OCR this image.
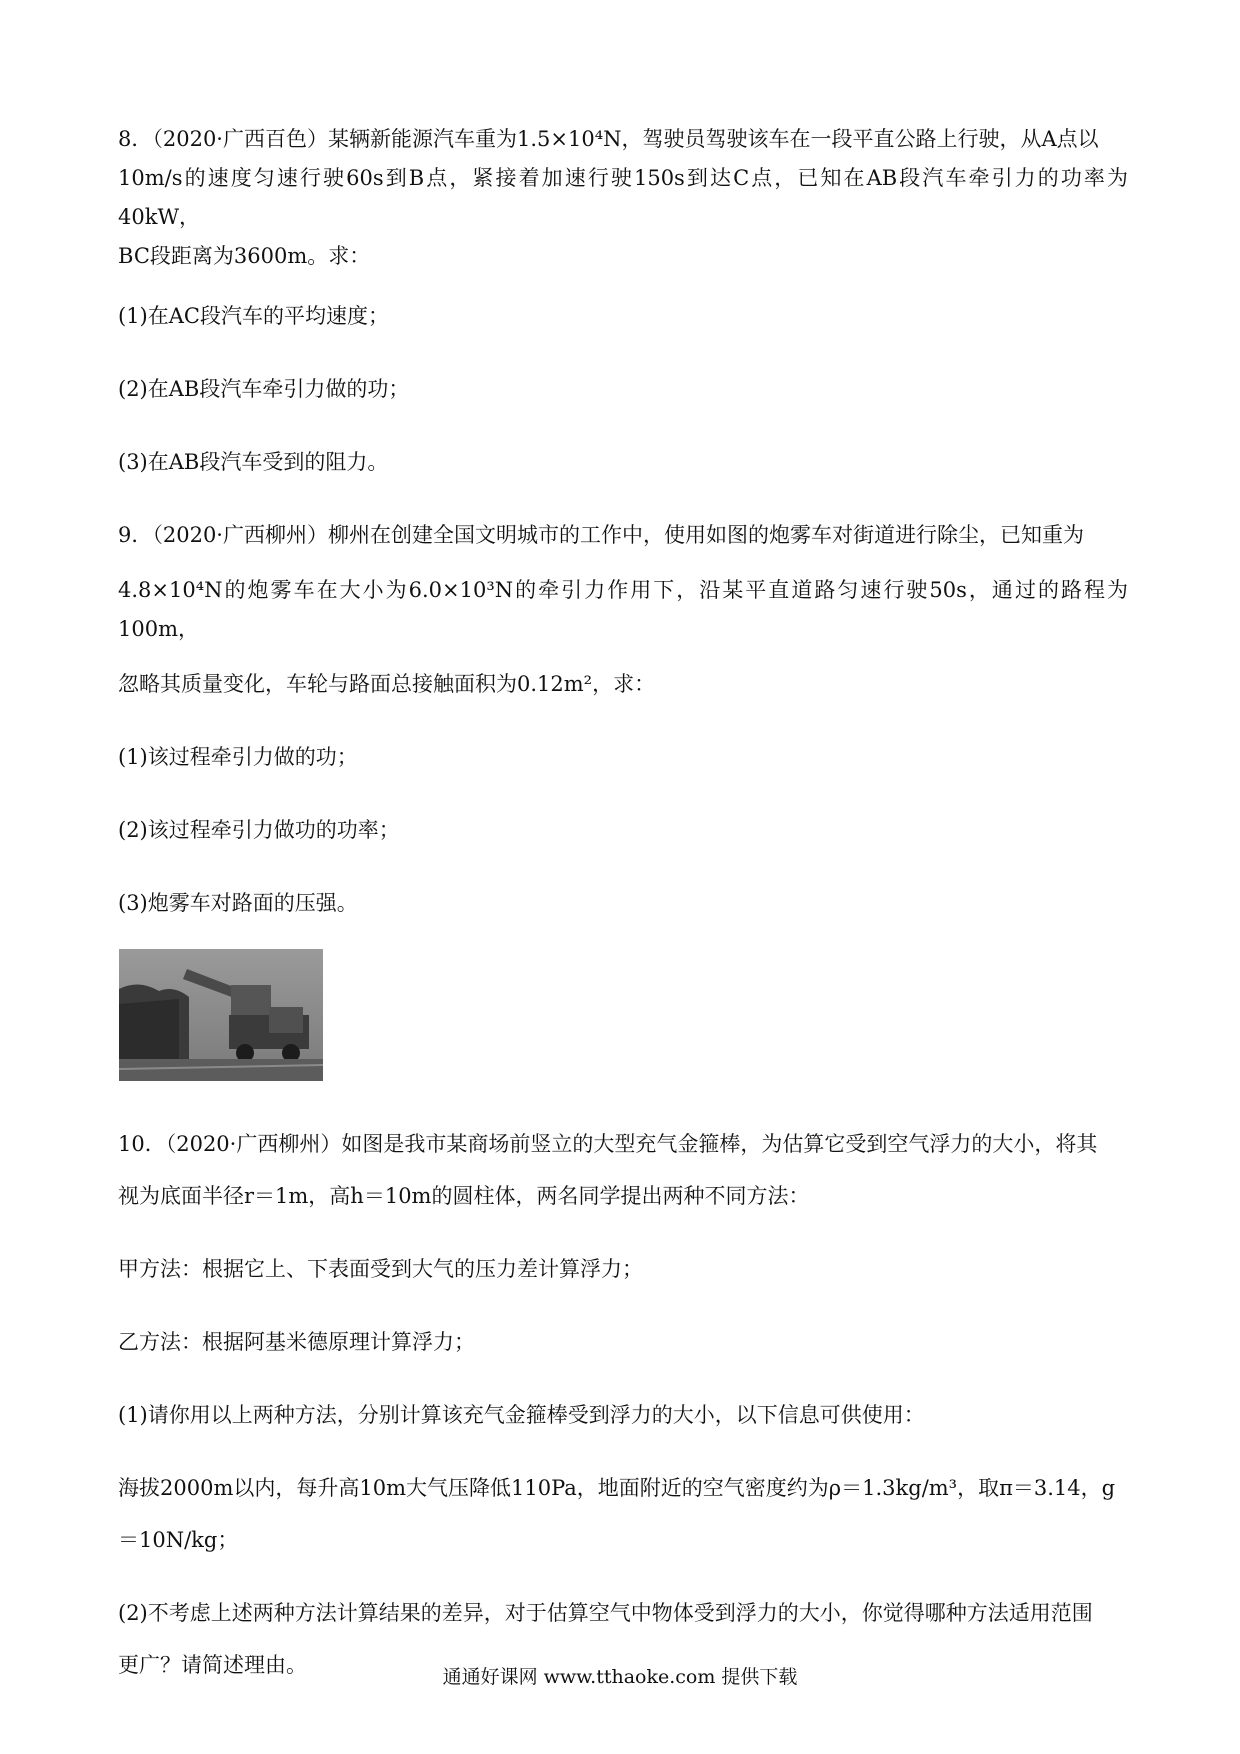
8．（2020·广西百色）某辆新能源汽车重为1.5×10⁴N，驾驶员驾驶该车在一段平直公路上行驶，从A点以

10m/s的速度匀速行驶60s到B点，紧接着加速行驶150s到达C点，已知在AB段汽车牵引力的功率为40kW，

BC段距离为3600m。求：

(1)在AC段汽车的平均速度；

(2)在AB段汽车牵引力做的功；

(3)在AB段汽车受到的阻力。

9．（2020·广西柳州）柳州在创建全国文明城市的工作中，使用如图的炮雾车对街道进行除尘，已知重为

4.8×10⁴N的炮雾车在大小为6.0×10³N的牵引力作用下，沿某平直道路匀速行驶50s，通过的路程为100m，

忽略其质量变化，车轮与路面总接触面积为0.12m²，求：

(1)该过程牵引力做的功；

(2)该过程牵引力做功的功率；

(3)炮雾车对路面的压强。

10．（2020·广西柳州）如图是我市某商场前竖立的大型充气金箍棒，为估算它受到空气浮力的大小，将其

视为底面半径r＝1m，高h＝10m的圆柱体，两名同学提出两种不同方法：

甲方法：根据它上、下表面受到大气的压力差计算浮力；

乙方法：根据阿基米德原理计算浮力；

(1)请你用以上两种方法，分别计算该充气金箍棒受到浮力的大小，以下信息可供使用：

海拔2000m以内，每升高10m大气压降低110Pa，地面附近的空气密度约为ρ＝1.3kg/m³，取π＝3.14，g

＝10N/kg；

(2)不考虑上述两种方法计算结果的差异，对于估算空气中物体受到浮力的大小，你觉得哪种方法适用范围

更广？请简述理由。	通通好课网 www.tthaoke.com 提供下载
